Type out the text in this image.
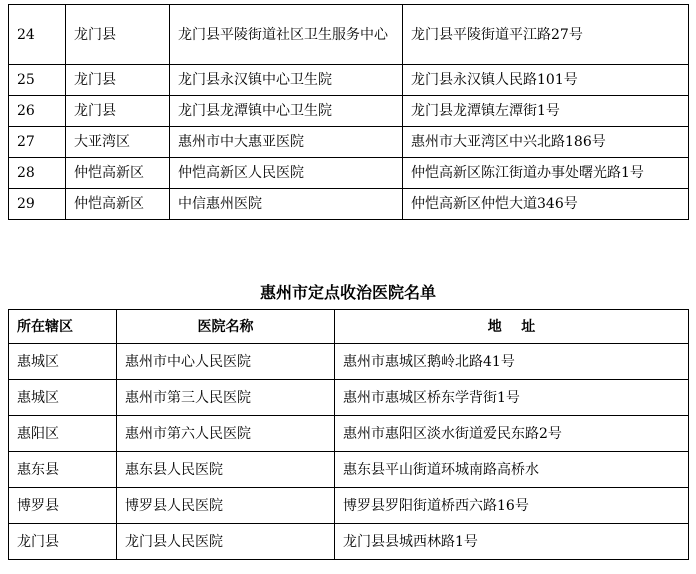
24	龙门县	龙门县平陵街道社区卫生服务中心	龙门县平陵街道平江路27号
25	龙门县	龙门县永汉镇中心卫生院	龙门县永汉镇人民路101号
26	龙门县	龙门县龙潭镇中心卫生院	龙门县龙潭镇左潭街1号
27	大亚湾区	惠州市中大惠亚医院	惠州市大亚湾区中兴北路186号
28	仲恺高新区	仲恺高新区人民医院	仲恺高新区陈江街道办事处曙光路1号
29	仲恺高新区	中信惠州医院	仲恺高新区仲恺大道346号
惠州市定点收治医院名单
所在辖区	医院名称	地    址
惠城区	惠州市中心人民医院	惠州市惠城区鹅岭北路41号
惠城区	惠州市第三人民医院	惠州市惠城区桥东学背街1号
惠阳区	惠州市第六人民医院	惠州市惠阳区淡水街道爱民东路2号
惠东县	惠东县人民医院	惠东县平山街道环城南路高桥水
博罗县	博罗县人民医院	博罗县罗阳街道桥西六路16号
龙门县	龙门县人民医院	龙门县县城西林路1号
